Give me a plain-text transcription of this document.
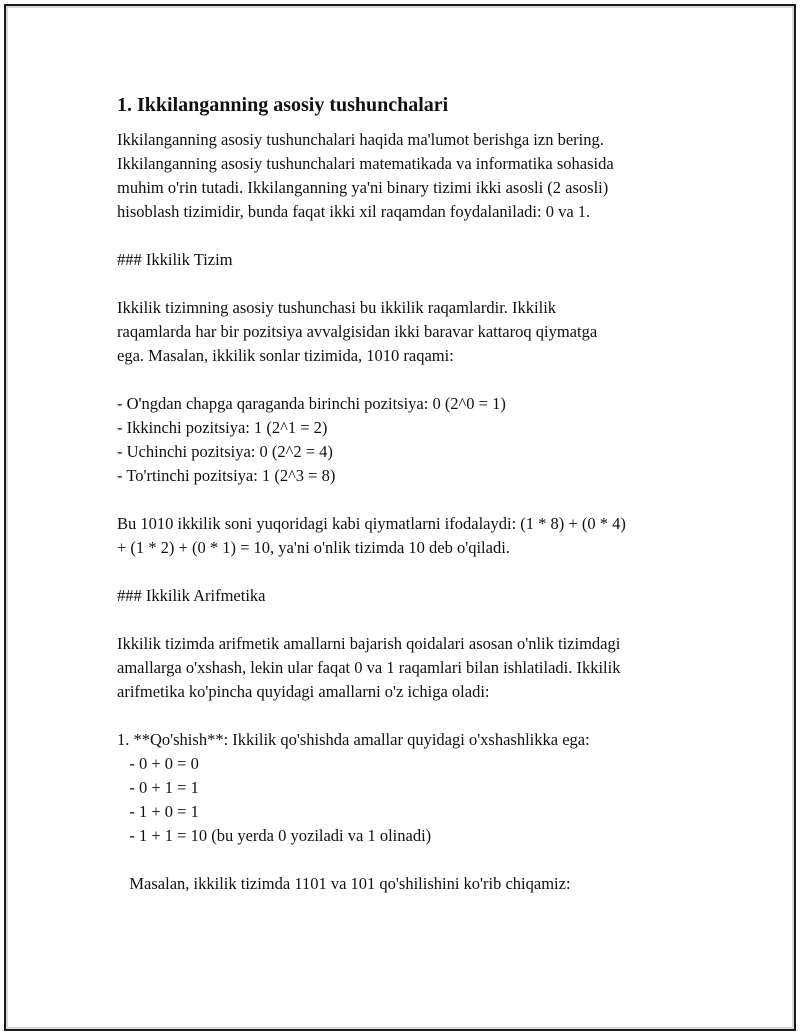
1. Ikkilanganning asosiy tushunchalari
Ikkilanganning asosiy tushunchalari haqida ma'lumot berishga izn bering.
Ikkilanganning asosiy tushunchalari matematikada va informatika sohasida
muhim o'rin tutadi. Ikkilanganning ya'ni binary tizimi ikki asosli (2 asosli)
hisoblash tizimidir, bunda faqat ikki xil raqamdan foydalaniladi: 0 va 1.
### Ikkilik Tizim
Ikkilik tizimning asosiy tushunchasi bu ikkilik raqamlardir. Ikkilik
raqamlarda har bir pozitsiya avvalgisidan ikki baravar kattaroq qiymatga
ega. Masalan, ikkilik sonlar tizimida, 1010 raqami:
- O'ngdan chapga qaraganda birinchi pozitsiya: 0 (2^0 = 1)
- Ikkinchi pozitsiya: 1 (2^1 = 2)
- Uchinchi pozitsiya: 0 (2^2 = 4)
- To'rtinchi pozitsiya: 1 (2^3 = 8)
Bu 1010 ikkilik soni yuqoridagi kabi qiymatlarni ifodalaydi: (1 * 8) + (0 * 4)
+ (1 * 2) + (0 * 1) = 10, ya'ni o'nlik tizimda 10 deb o'qiladi.
### Ikkilik Arifmetika
Ikkilik tizimda arifmetik amallarni bajarish qoidalari asosan o'nlik tizimdagi
amallarga o'xshash, lekin ular faqat 0 va 1 raqamlari bilan ishlatiladi. Ikkilik
arifmetika ko'pincha quyidagi amallarni o'z ichiga oladi:
1. **Qo'shish**: Ikkilik qo'shishda amallar quyidagi o'xshashlikka ega:
- 0 + 0 = 0
- 0 + 1 = 1
- 1 + 0 = 1
- 1 + 1 = 10 (bu yerda 0 yoziladi va 1 olinadi)
Masalan, ikkilik tizimda 1101 va 101 qo'shilishini ko'rib chiqamiz:
